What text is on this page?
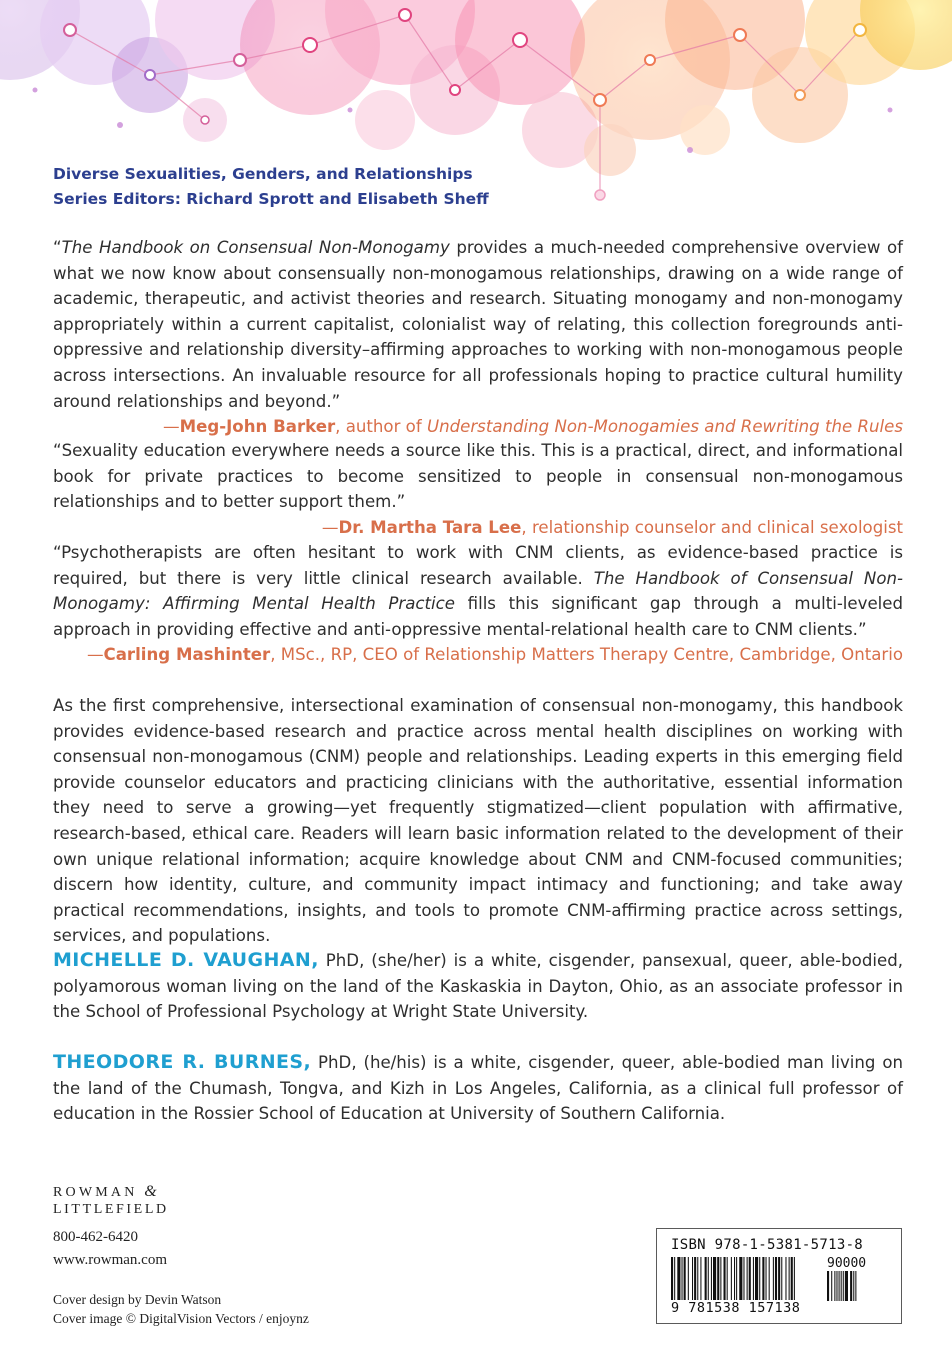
Diverse Sexualities, Genders, and Relationships
Series Editors: Richard Sprott and Elisabeth Sheff
“The Handbook on Consensual Non-Monogamy provides a much-needed comprehensive overview of what we now know about consensually non-monogamous relationships, drawing on a wide range of academic, therapeutic, and activist theories and research. Situating monogamy and non-monogamy appropriately within a current capitalist, colonialist way of relating, this collection foregrounds anti-oppressive and relationship diversity–affirming approaches to working with non-monogamous people across intersections. An invaluable resource for all professionals hoping to practice cultural humility around relationships and beyond.”
—Meg-John Barker, author of Understanding Non-Monogamies and Rewriting the Rules
“Sexuality education everywhere needs a source like this. This is a practical, direct, and informational book for private practices to become sensitized to people in consensual non-monogamous relationships and to better support them.”
—Dr. Martha Tara Lee, relationship counselor and clinical sexologist
“Psychotherapists are often hesitant to work with CNM clients, as evidence-based practice is required, but there is very little clinical research available. The Handbook of Consensual Non-Monogamy: Affirming Mental Health Practice fills this significant gap through a multi-leveled approach in providing effective and anti-oppressive mental-relational health care to CNM clients.”
—Carling Mashinter, MSc., RP, CEO of Relationship Matters Therapy Centre, Cambridge, Ontario
As the first comprehensive, intersectional examination of consensual non-monogamy, this handbook provides evidence-based research and practice across mental health disciplines on working with consensual non-monogamous (CNM) people and relationships. Leading experts in this emerging field provide counselor educators and practicing clinicians with the authoritative, essential information they need to serve a growing—yet frequently stigmatized—client population with affirmative, research-based, ethical care. Readers will learn basic information related to the development of their own unique relational information; acquire knowledge about CNM and CNM-focused communities; discern how identity, culture, and community impact intimacy and functioning; and take away practical recommendations, insights, and tools to promote CNM-affirming practice across settings, services, and populations.
MICHELLE D. VAUGHAN, PhD, (she/her) is a white, cisgender, pansexual, queer, able-bodied, polyamorous woman living on the land of the Kaskaskia in Dayton, Ohio, as an associate professor in the School of Professional Psychology at Wright State University.
THEODORE R. BURNES, PhD, (he/his) is a white, cisgender, queer, able-bodied man living on the land of the Chumash, Tongva, and Kizh in Los Angeles, California, as a clinical full professor of education in the Rossier School of Education at University of Southern California.
ROWMAN &
LITTLEFIELD
800-462-6420
www.rowman.com
Cover design by Devin Watson
Cover image © DigitalVision Vectors / enjoynz
ISBN 978-1-5381-5713-8
90000
9 781538 157138
